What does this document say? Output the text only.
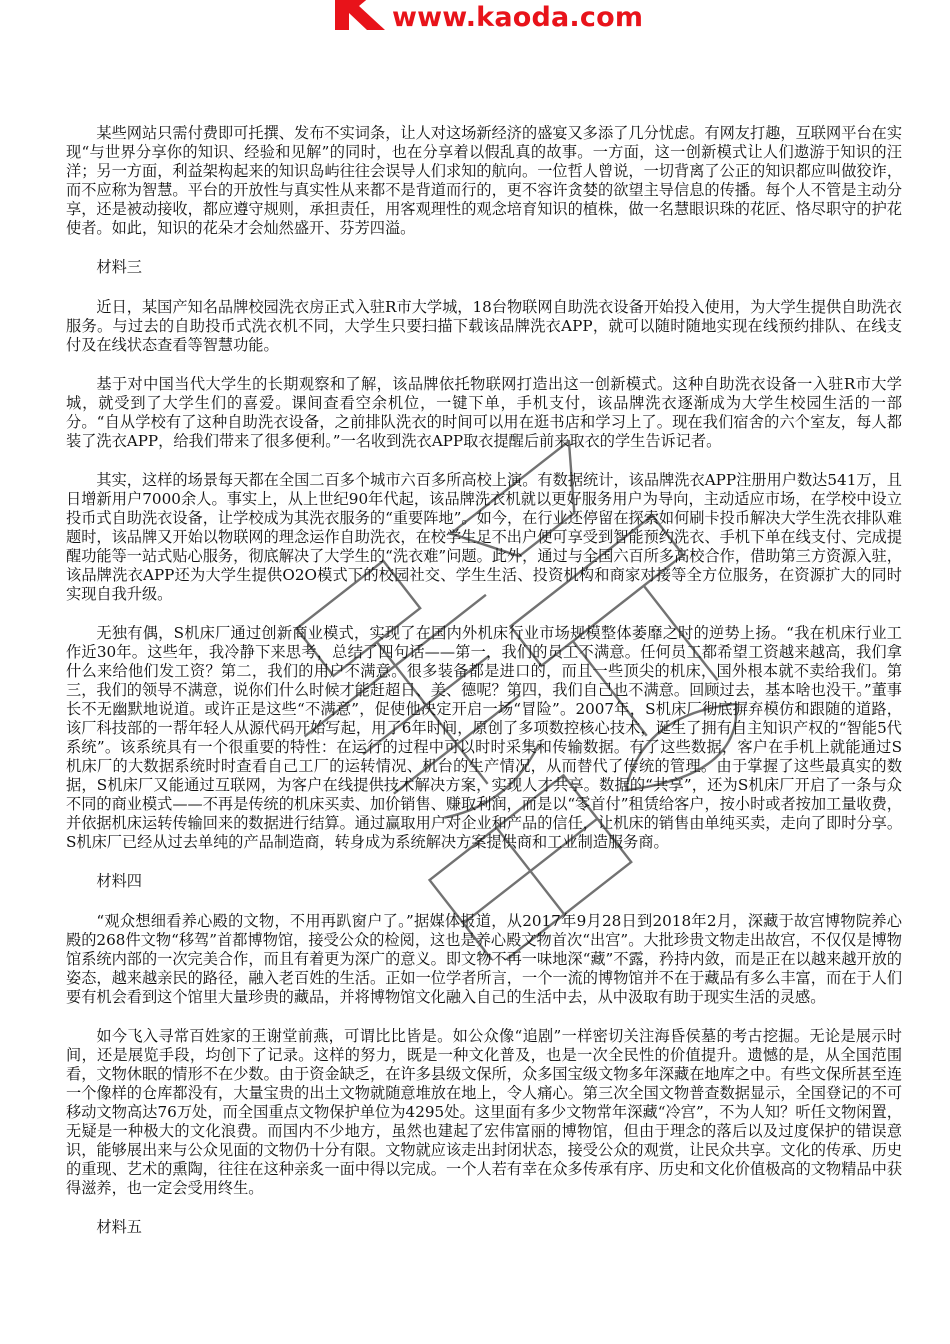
www.kaoda.com

某些网站只需付费即可托撰、发布不实词条，让人对这场新经济的盛宴又多添了几分忧虑。有网友打趣，互联网平台在实现“与世界分享你的知识、经验和见解”的同时，也在分享着以假乱真的故事。一方面，这一创新模式让人们遨游于知识的汪洋；另一方面，利益架构起来的知识岛屿往往会误导人们求知的航向。一位哲人曾说，一切背离了公正的知识都应叫做狡诈，而不应称为智慧。平台的开放性与真实性从来都不是背道而行的，更不容许贪婪的欲望主导信息的传播。每个人不管是主动分享，还是被动接收，都应遵守规则，承担责任，用客观理性的观念培育知识的植株，做一名慧眼识珠的花匠、恪尽职守的护花使者。如此，知识的花朵才会灿然盛开、芬芳四溢。

材料三

近日，某国产知名品牌校园洗衣房正式入驻R市大学城，18台物联网自助洗衣设备开始投入使用，为大学生提供自助洗衣服务。与过去的自助投币式洗衣机不同，大学生只要扫描下载该品牌洗衣APP，就可以随时随地实现在线预约排队、在线支付及在线状态查看等智慧功能。

基于对中国当代大学生的长期观察和了解，该品牌依托物联网打造出这一创新模式。这种自助洗衣设备一入驻R市大学城，就受到了大学生们的喜爱。课间查看空余机位，一键下单，手机支付，该品牌洗衣逐渐成为大学生校园生活的一部分。“自从学校有了这种自助洗衣设备，之前排队洗衣的时间可以用在逛书店和学习上了。现在我们宿舍的六个室友，每人都装了洗衣APP，给我们带来了很多便利。”一名收到洗衣APP取衣提醒后前来取衣的学生告诉记者。

其实，这样的场景每天都在全国二百多个城市六百多所高校上演。有数据统计，该品牌洗衣APP注册用户数达541万，且日增新用户7000余人。事实上，从上世纪90年代起，该品牌洗衣机就以更好服务用户为导向，主动适应市场，在学校中设立投币式自助洗衣设备，让学校成为其洗衣服务的“重要阵地”。如今，在行业还停留在探索如何刷卡投币解决大学生洗衣排队难题时，该品牌又开始以物联网的理念运作自助洗衣，在校学生足不出户便可享受到智能预约洗衣、手机下单在线支付、完成提醒功能等一站式贴心服务，彻底解决了大学生的“洗衣难”问题。此外，通过与全国六百所多高校合作，借助第三方资源入驻，该品牌洗衣APP还为大学生提供O2O模式下的校园社交、学生生活、投资机构和商家对接等全方位服务，在资源扩大的同时实现自我升级。

无独有偶，S机床厂通过创新商业模式，实现了在国内外机床行业市场规模整体萎靡之时的逆势上扬。“我在机床行业工作近30年。这些年，我冷静下来思考，总结了四句话——第一，我们的员工不满意。任何员工都希望工资越来越高，我们拿什么来给他们发工资？第二，我们的用户不满意。很多装备都是进口的，而且一些顶尖的机床，国外根本就不卖给我们。第三，我们的领导不满意，说你们什么时候才能赶超日、美、德呢？第四，我们自己也不满意。回顾过去，基本啥也没干。”董事长不无幽默地说道。或许正是这些“不满意”，促使他决定开启一场“冒险”。2007年，S机床厂彻底摒弃模仿和跟随的道路，该厂科技部的一帮年轻人从源代码开始写起，用了6年时间，原创了多项数控核心技术，诞生了拥有自主知识产权的“智能5代系统”。该系统具有一个很重要的特性：在运行的过程中可以时时采集和传输数据。有了这些数据，客户在手机上就能通过S机床厂的大数据系统时时查看自己工厂的运转情况、机台的生产情况，从而替代了传统的管理。由于掌握了这些最真实的数据，S机床厂又能通过互联网，为客户在线提供技术解决方案，实现人才共享。数据的“共享”，还为S机床厂开启了一条与众不同的商业模式——不再是传统的机床买卖、加价销售、赚取利润，而是以“零首付”租赁给客户，按小时或者按加工量收费，并依据机床运转传输回来的数据进行结算。通过赢取用户对企业和产品的信任，让机床的销售由单纯买卖，走向了即时分享。S机床厂已经从过去单纯的产品制造商，转身成为系统解决方案提供商和工业制造服务商。

材料四

“观众想细看养心殿的文物，不用再趴窗户了。”据媒体报道，从2017年9月28日到2018年2月，深藏于故宫博物院养心殿的268件文物“移驾”首都博物馆，接受公众的检阅，这也是养心殿文物首次“出宫”。大批珍贵文物走出故宫，不仅仅是博物馆系统内部的一次完美合作，而且有着更为深广的意义。即文物不再一味地深“藏”不露，矜持内敛，而是正在以越来越开放的姿态，越来越亲民的路径，融入老百姓的生活。正如一位学者所言，一个一流的博物馆并不在于藏品有多么丰富，而在于人们要有机会看到这个馆里大量珍贵的藏品，并将博物馆文化融入自己的生活中去，从中汲取有助于现实生活的灵感。

如今飞入寻常百姓家的王谢堂前燕，可谓比比皆是。如公众像“追剧”一样密切关注海昏侯墓的考古挖掘。无论是展示时间，还是展览手段，均创下了记录。这样的努力，既是一种文化普及，也是一次全民性的价值提升。遗憾的是，从全国范围看，文物休眠的情形不在少数。由于资金缺乏，在许多县级文保所，众多国宝级文物多年深藏在地库之中。有些文保所甚至连一个像样的仓库都没有，大量宝贵的出土文物就随意堆放在地上，令人痛心。第三次全国文物普查数据显示，全国登记的不可移动文物高达76万处，而全国重点文物保护单位为4295处。这里面有多少文物常年深藏“冷宫”，不为人知？听任文物闲置，无疑是一种极大的文化浪费。而国内不少地方，虽然也建起了宏伟富丽的博物馆，但由于理念的落后以及过度保护的错误意识，能够展出来与公众见面的文物仍十分有限。文物就应该走出封闭状态，接受公众的观赏，让民众共享。文化的传承、历史的重现、艺术的熏陶，往往在这种亲炙一面中得以完成。一个人若有幸在众多传承有序、历史和文化价值极高的文物精品中获得滋养，也一定会受用终生。

材料五
